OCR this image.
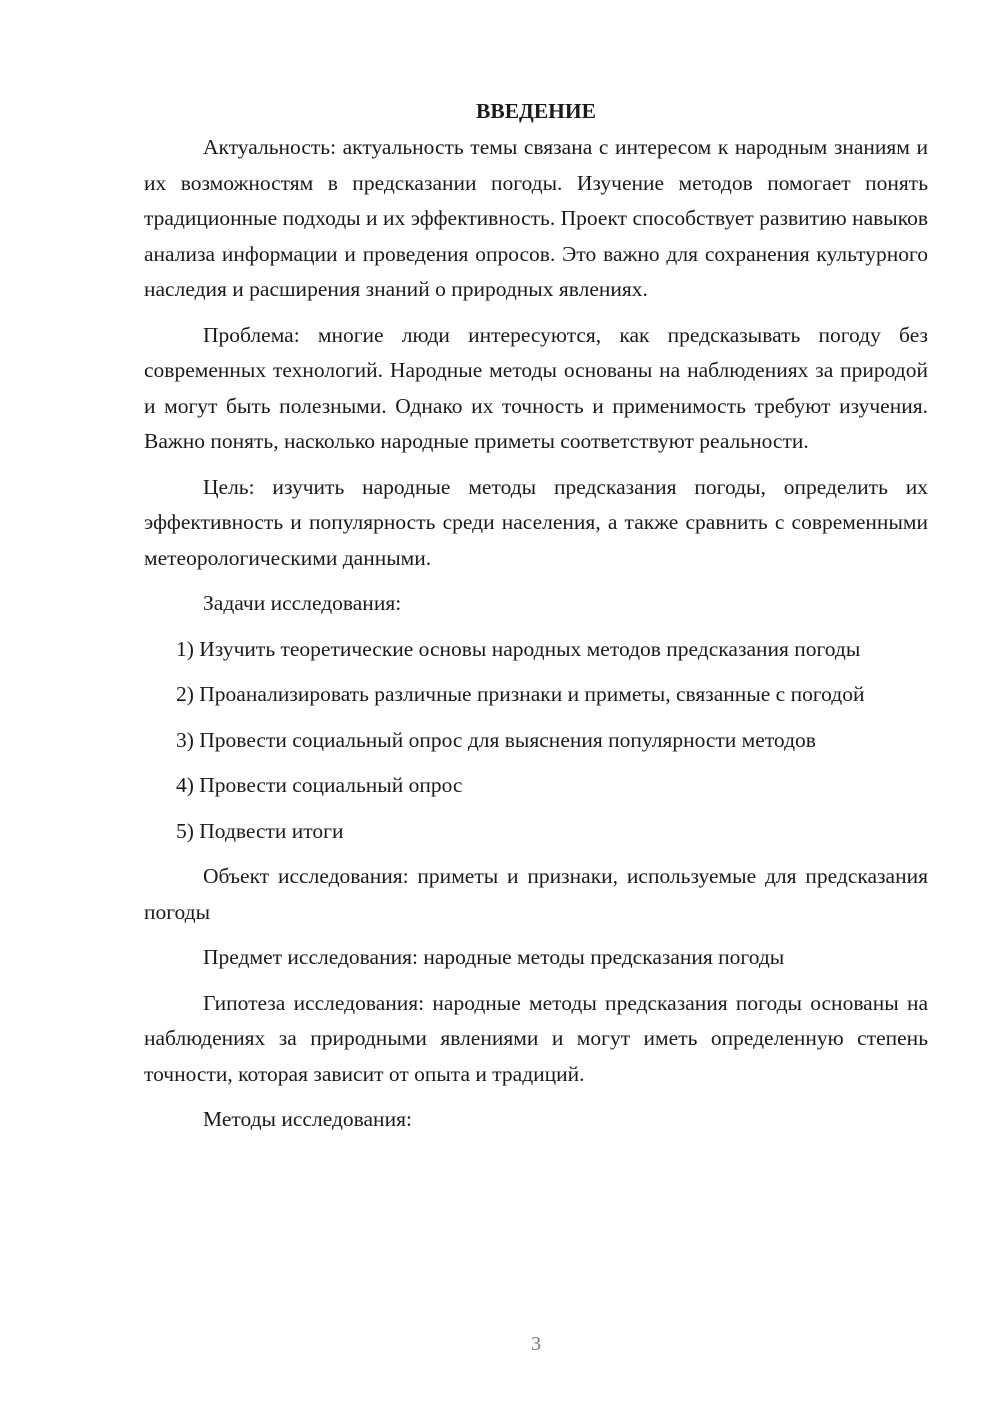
ВВЕДЕНИЕ

Актуальность: актуальность темы связана с интересом к народным знаниям и их возможностям в предсказании погоды. Изучение методов помогает понять традиционные подходы и их эффективность. Проект способствует развитию навыков анализа информации и проведения опросов. Это важно для сохранения культурного наследия и расширения знаний о природных явлениях.

Проблема: многие люди интересуются, как предсказывать погоду без современных технологий. Народные методы основаны на наблюдениях за природой и могут быть полезными. Однако их точность и применимость требуют изучения. Важно понять, насколько народные приметы соответствуют реальности.

Цель: изучить народные методы предсказания погоды, определить их эффективность и популярность среди населения, а также сравнить с современными метеорологическими данными.

Задачи исследования:

1) Изучить теоретические основы народных методов предсказания погоды

2) Проанализировать различные признаки и приметы, связанные с погодой

3) Провести социальный опрос для выяснения популярности методов

4) Провести социальный опрос

5) Подвести итоги

Объект исследования: приметы и признаки, используемые для предсказания погоды

Предмет исследования: народные методы предсказания погоды

Гипотеза исследования: народные методы предсказания погоды основаны на наблюдениях за природными явлениями и могут иметь определенную степень точности, которая зависит от опыта и традиций.

Методы исследования:

3
